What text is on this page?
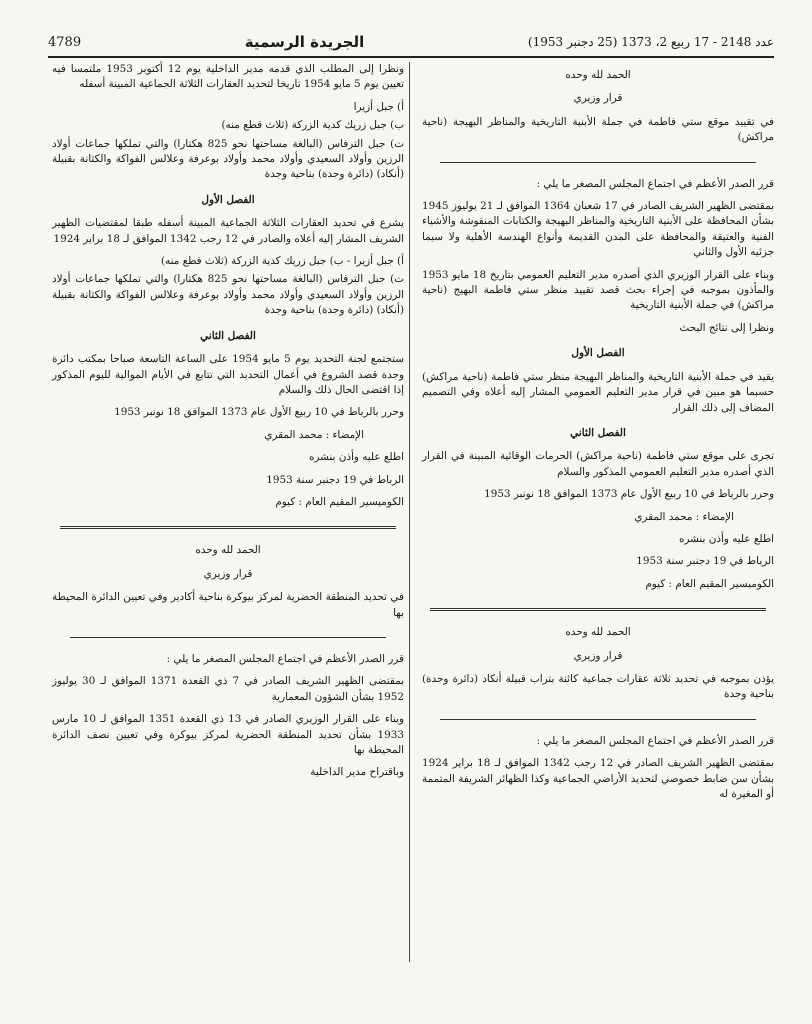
4789	الجريدة الرسمية	عدد 2148 - 17 ربيع 2، 1373 (25 دجنبر 1953)

الحمد لله وحده

قرار وزيري

في تقييد موقع ستي فاطمة في جملة الأبنية التاريخية والمناظر البهيجة (ناحية مراكش)

قرر الصدر الأعظم في اجتماع المجلس المصغر ما يلي :

بمقتضى الظهير الشريف الصادر في 17 شعبان 1364 الموافق لـ 21 يوليوز 1945 بشأن المحافظة على الأبنية التاريخية والمناظر البهيجة والكتابات المنقوشة والأشياء الفنية والعتيقة والمحافظة على المدن القديمة وأنواع الهندسة الأهلية ولا سيما جزئيه الأول والثاني

وبناء على القرار الوزيري الذي أصدره مدير التعليم العمومي بتاريخ 18 مايو 1953 والمأذون بموجبه في إجراء بحث قصد تقييد منظر ستي فاطمة البهيج (ناحية مراكش) في جملة الأبنية التاريخية

ونظرا إلى نتائج البحث

الفصل الأول

يقيد في جملة الأبنية التاريخية والمناظر البهيجة منظر ستي فاطمة (ناحية مراكش) حسبما هو مبين في قرار مدير التعليم العمومي المشار إليه أعلاه وفي التصميم المضاف إلى ذلك القرار

الفصل الثاني

تجرى على موقع ستي فاطمة (ناحية مراكش) الحرمات الوقائية المبينة في القرار الذي أصدره مدير التعليم العمومي المذكور والسلام

وحرر بالرباط في 10 ربيع الأول عام 1373 الموافق 18 نونبر 1953

الإمضاء : محمد المقري

اطلع عليه وأذن بنشره

الرباط في 19 دجنبر سنة 1953

الكوميسير المقيم العام : كيوم

الحمد لله وحده

قرار وزيري

يؤذن بموجبه في تحديد ثلاثة عقارات جماعية كائنة بتراب قبيلة أنكاد (دائرة وجدة) بناحية وجدة

قرر الصدر الأعظم في اجتماع المجلس المصغر ما يلي :

بمقتضى الظهير الشريف الصادر في 12 رجب 1342 الموافق لـ 18 براير 1924 بشأن سن ضابط خصوصي لتحديد الأراضي الجماعية وكذا الظهائر الشريفة المتممة أو المغيرة له

ونظرا إلى المطلب الذي قدمه مدير الداخلية يوم 12 أكتوبر 1953 ملتمسا فيه تعيين يوم 5 مايو 1954 تاريخا لتحديد العقارات الثلاثة الجماعية المبينة أسفله

أ) جبل أزيرا

ب) جبل زريك كدية الزركة (ثلاث قطع منه)

ت) جبل الترفاس (البالغة مساحتها نحو 825 هكتارا) والتي تملكها جماعات أولاد الرزين وأولاد السعيدي وأولاد محمد وأولاد بوعرفة وعلالس الفواكة والكثانة بقبيلة (أنكاد) (دائرة وجدة) بناحية وجدة

الفصل الأول

يشرع في تحديد العقارات الثلاثة الجماعية المبينة أسفله طبقا لمقتضيات الظهير الشريف المشار إليه أعلاه والصادر في 12 رجب 1342 الموافق لـ 18 براير 1924

أ) جبل أزيرا - ب) جبل زريك كدية الزركة (ثلاث قطع منه)

ت) جبل الترفاس (البالغة مساحتها نحو 825 هكتارا) والتي تملكها جماعات أولاد الرزين وأولاد السعيدي وأولاد محمد وأولاد بوعرفة وعلالس الفواكة والكثانة بقبيلة (أنكاد) (دائرة وجدة) بناحية وجدة

الفصل الثاني

ستجتمع لجنة التحديد يوم 5 مايو 1954 على الساعة التاسعة صباحا بمكتب دائرة وجدة قصد الشروع في أعمال التحديد التي تتابع في الأيام الموالية لليوم المذكور إذا اقتضى الحال ذلك والسلام

وحرر بالرباط في 10 ربيع الأول عام 1373 الموافق 18 نونبر 1953

الإمضاء : محمد المقري

اطلع عليه وأذن بنشره

الرباط في 19 دجنبر سنة 1953

الكوميسير المقيم العام : كيوم

الحمد لله وحده

قرار وزيري

في تحديد المنطقة الحضرية لمركز بيوكرة بناحية أكادير وفي تعيين الدائرة المحيطة بها

قرر الصدر الأعظم في اجتماع المجلس المصغر ما يلي :

بمقتضى الظهير الشريف الصادر في 7 ذي القعدة 1371 الموافق لـ 30 يوليوز 1952 بشأن الشؤون المعمارية

وبناء على القرار الوزيري الصادر في 13 ذي القعدة 1351 الموافق لـ 10 مارس 1933 بشأن تحديد المنطقة الحضرية لمركز بيوكرة وفي تعيين نصف الدائرة المحيطة بها

وباقتراح مدير الداخلية
